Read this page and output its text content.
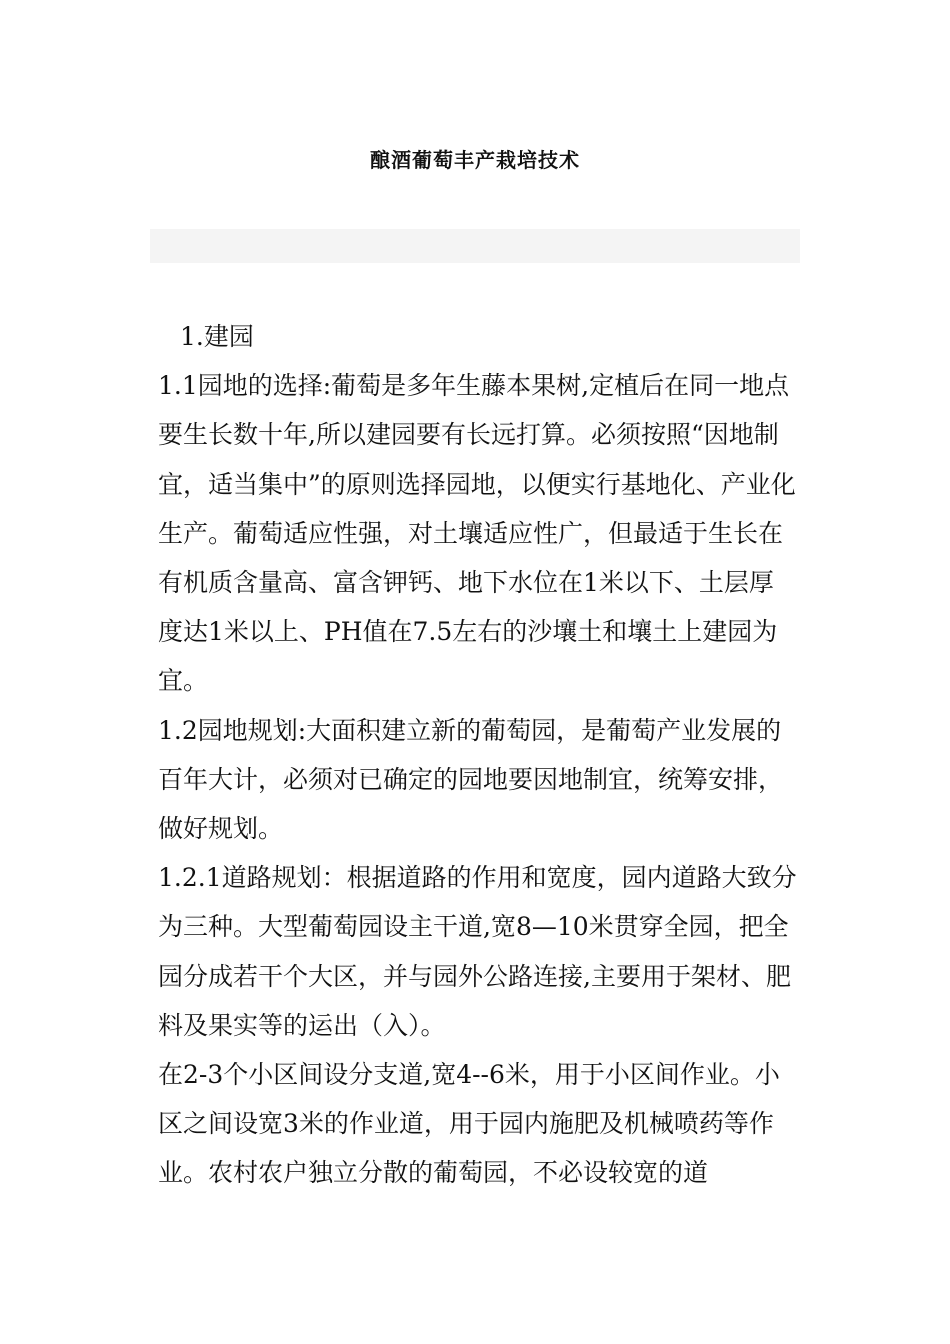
酿酒葡萄丰产栽培技术

1.建园

1.1园地的选择:葡萄是多年生藤本果树,定植后在同一地点要生长数十年,所以建园要有长远打算。必须按照“因地制宜，适当集中”的原则选择园地，以便实行基地化、产业化生产。葡萄适应性强，对土壤适应性广，但最适于生长在有机质含量高、富含钾钙、地下水位在1米以下、土层厚度达1米以上、PH值在7.5左右的沙壤土和壤土上建园为宜。

1.2园地规划:大面积建立新的葡萄园，是葡萄产业发展的百年大计，必须对已确定的园地要因地制宜，统筹安排，做好规划。

1.2.1道路规划：根据道路的作用和宽度，园内道路大致分为三种。大型葡萄园设主干道,宽8—10米贯穿全园，把全园分成若干个大区，并与园外公路连接,主要用于架材、肥料及果实等的运出（入）。

在2-3个小区间设分支道,宽4--6米，用于小区间作业。小区之间设宽3米的作业道，用于园内施肥及机械喷药等作业。农村农户独立分散的葡萄园，不必设较宽的道
